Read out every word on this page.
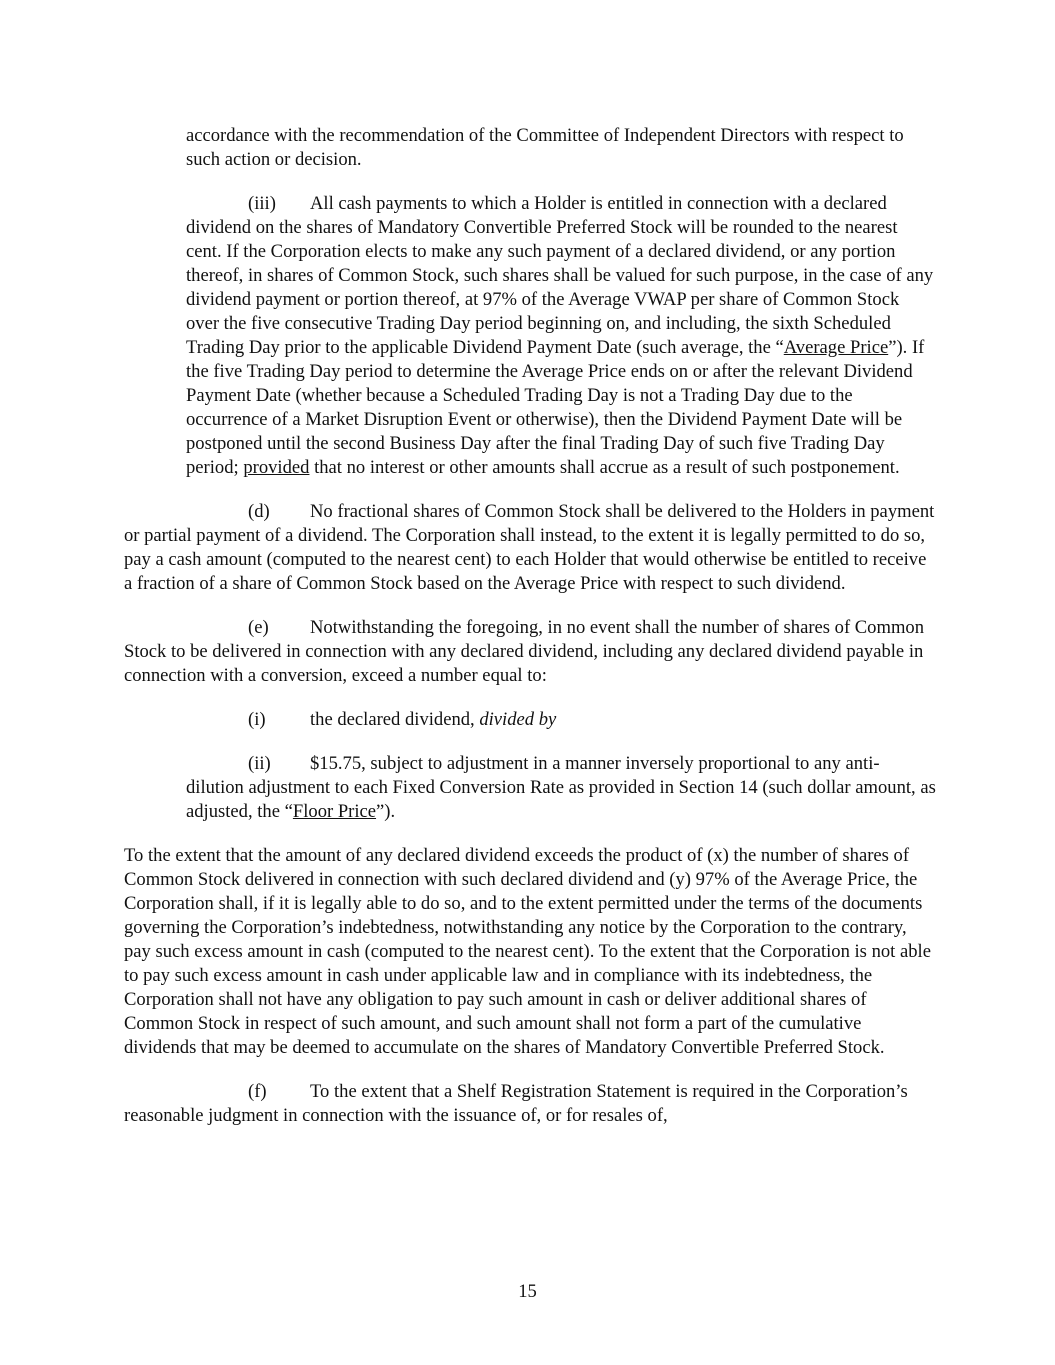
accordance with the recommendation of the Committee of Independent Directors with respect to such action or decision.

(iii) All cash payments to which a Holder is entitled in connection with a declared dividend on the shares of Mandatory Convertible Preferred Stock will be rounded to the nearest cent. If the Corporation elects to make any such payment of a declared dividend, or any portion thereof, in shares of Common Stock, such shares shall be valued for such purpose, in the case of any dividend payment or portion thereof, at 97% of the Average VWAP per share of Common Stock over the five consecutive Trading Day period beginning on, and including, the sixth Scheduled Trading Day prior to the applicable Dividend Payment Date (such average, the “Average Price”). If the five Trading Day period to determine the Average Price ends on or after the relevant Dividend Payment Date (whether because a Scheduled Trading Day is not a Trading Day due to the occurrence of a Market Disruption Event or otherwise), then the Dividend Payment Date will be postponed until the second Business Day after the final Trading Day of such five Trading Day period; provided that no interest or other amounts shall accrue as a result of such postponement.

(d) No fractional shares of Common Stock shall be delivered to the Holders in payment or partial payment of a dividend. The Corporation shall instead, to the extent it is legally permitted to do so, pay a cash amount (computed to the nearest cent) to each Holder that would otherwise be entitled to receive a fraction of a share of Common Stock based on the Average Price with respect to such dividend.

(e) Notwithstanding the foregoing, in no event shall the number of shares of Common Stock to be delivered in connection with any declared dividend, including any declared dividend payable in connection with a conversion, exceed a number equal to:

(i) the declared dividend, divided by

(ii) $15.75, subject to adjustment in a manner inversely proportional to any anti-dilution adjustment to each Fixed Conversion Rate as provided in Section 14 (such dollar amount, as adjusted, the “Floor Price”).

To the extent that the amount of any declared dividend exceeds the product of (x) the number of shares of Common Stock delivered in connection with such declared dividend and (y) 97% of the Average Price, the Corporation shall, if it is legally able to do so, and to the extent permitted under the terms of the documents governing the Corporation’s indebtedness, notwithstanding any notice by the Corporation to the contrary, pay such excess amount in cash (computed to the nearest cent). To the extent that the Corporation is not able to pay such excess amount in cash under applicable law and in compliance with its indebtedness, the Corporation shall not have any obligation to pay such amount in cash or deliver additional shares of Common Stock in respect of such amount, and such amount shall not form a part of the cumulative dividends that may be deemed to accumulate on the shares of Mandatory Convertible Preferred Stock.

(f) To the extent that a Shelf Registration Statement is required in the Corporation’s reasonable judgment in connection with the issuance of, or for resales of,

15
